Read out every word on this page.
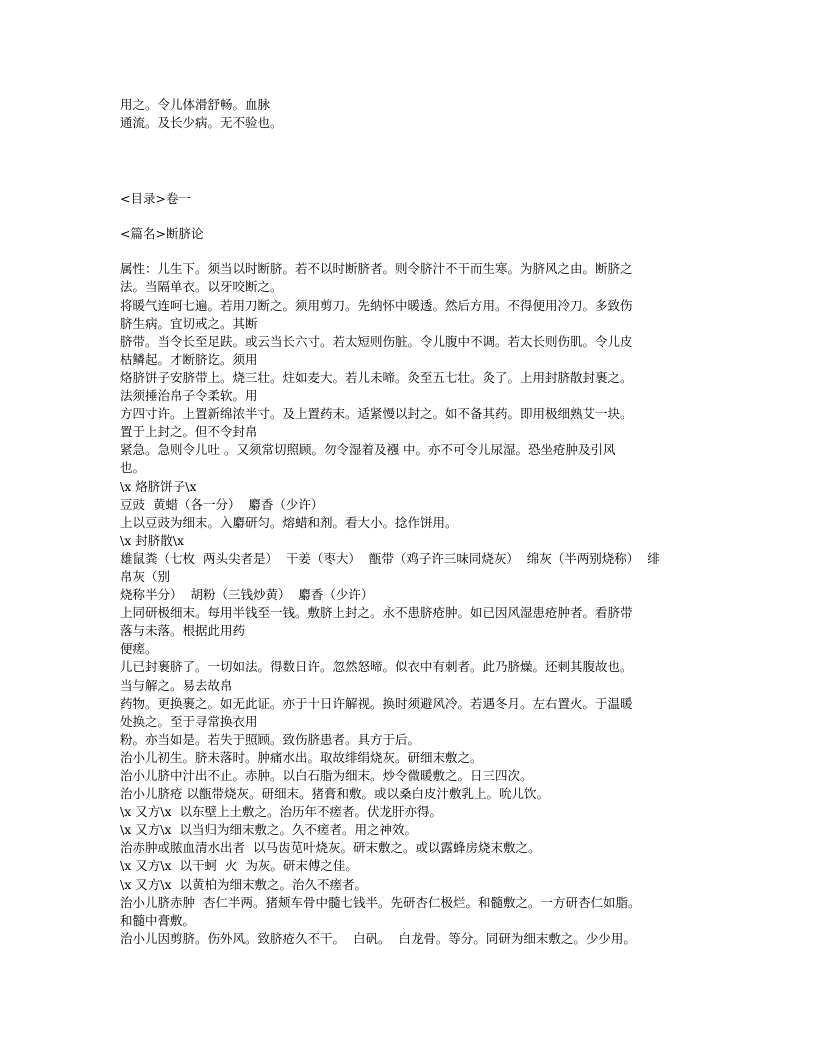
用之。令儿体滑舒畅。血脉
通流。及长少病。无不验也。
<目录>卷一
<篇名>断脐论
属性：儿生下。须当以时断脐。若不以时断脐者。则令脐汁不干而生寒。为脐风之由。断脐之
法。当隔单衣。以牙咬断之。
将暖气连呵七遍。若用刀断之。须用剪刀。先纳怀中暖透。然后方用。不得便用冷刀。多致伤
脐生病。宜切戒之。其断
脐带。当令长至足趺。或云当长六寸。若太短则伤脏。令儿腹中不调。若太长则伤肌。令儿皮
枯鳞起。才断脐讫。须用
烙脐饼子安脐带上。烧三壮。炷如麦大。若儿未啼。灸至五七壮。灸了。上用封脐散封裹之。
法须捶治帛子令柔软。用
方四寸许。上置新绵浓半寸。及上置药末。适紧慢以封之。如不备其药。即用极细熟艾一块。
置于上封之。但不令封帛
紧急。急则令儿吐 。又须常切照顾。勿令湿着及襁 中。亦不可令儿尿湿。恐坐疮肿及引风
也。
\x 烙脐饼子\x
豆豉  黄蜡（各一分）  麝香（少许）
上以豆豉为细末。入麝研匀。熔蜡和剂。看大小。捻作饼用。
\x 封脐散\x
雄鼠粪（七枚  两头尖者是）  干姜（枣大）  甑带（鸡子许三味同烧灰）  绵灰（半两别烧称）  绯
帛灰（别
烧称半分）  胡粉（三钱炒黄）  麝香（少许）
上同研极细末。每用半钱至一钱。敷脐上封之。永不患脐疮肿。如已因风湿患疮肿者。看脐带
落与未落。根据此用药
便瘥。
儿已封裹脐了。一切如法。得数日许。忽然怒啼。似衣中有刺者。此乃脐燥。还刺其腹故也。
当与解之。易去故帛
药物。更换裹之。如无此证。亦于十日许解视。换时须避风冷。若遇冬月。左右置火。于温暖
处换之。至于寻常换衣用
粉。亦当如是。若失于照顾。致伤脐患者。具方于后。
治小儿初生。脐未落时。肿痛水出。取故绯绢烧灰。研细末敷之。
治小儿脐中汁出不止。赤肿。以白石脂为细末。炒令微暖敷之。日三四次。
治小儿脐疮 以甑带烧灰。研细末。猪膏和敷。或以桑白皮汁敷乳上。吮儿饮。
\x 又方\x  以东壁上土敷之。治历年不瘥者。伏龙肝亦得。
\x 又方\x  以当归为细末敷之。久不瘥者。用之神效。
治赤肿或脓血清水出者  以马齿苋叶烧灰。研末敷之。或以露蜂房烧末敷之。
\x 又方\x  以干蚵  火  为灰。研末傅之佳。
\x 又方\x  以黄柏为细末敷之。治久不瘥者。
治小儿脐赤肿  杏仁半两。猪颊车骨中髓七钱半。先研杏仁极烂。和髓敷之。一方研杏仁如脂。
和髓中膏敷。
治小儿因剪脐。伤外风。致脐疮久不干。  白矾。  白龙骨。等分。同研为细末敷之。少少用。
